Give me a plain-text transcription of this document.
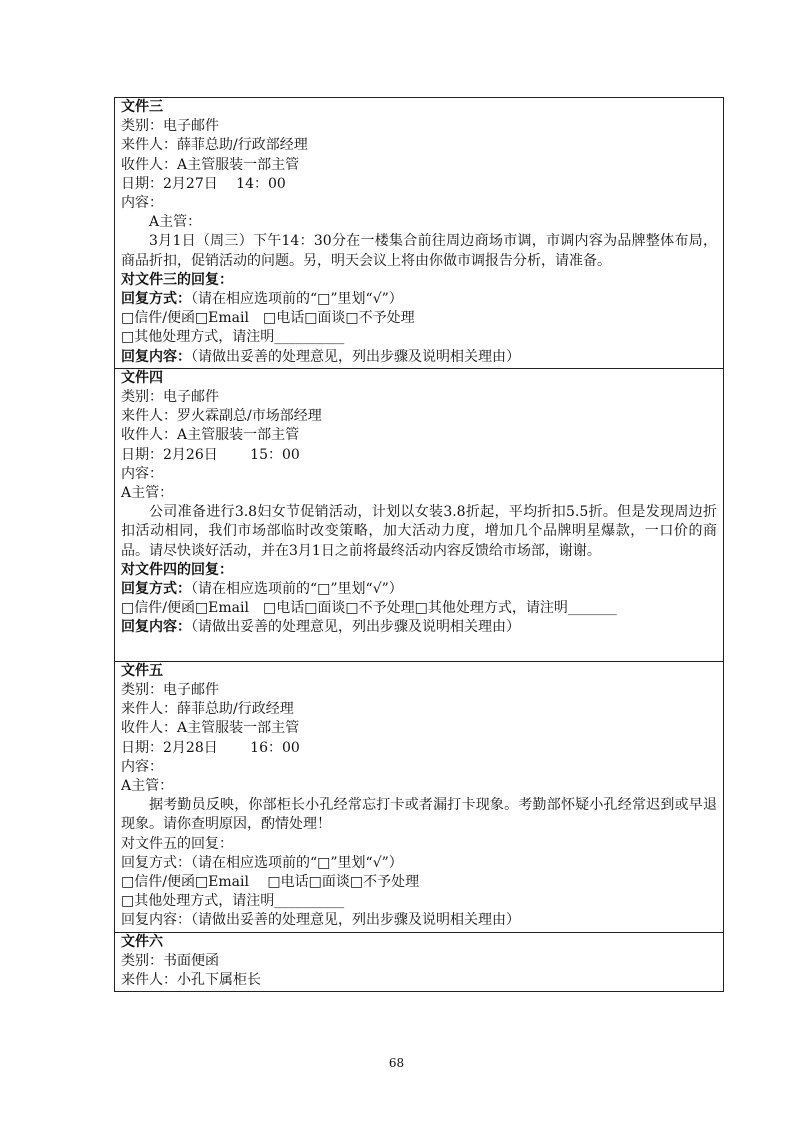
文件三
类别：电子邮件
来件人：薛菲总助/行政部经理
收件人：A主管服装一部主管
日期：2月27日　 14：00
内容：
A主管：
3月1日（周三）下午14：30分在一楼集合前往周边商场市调，市调内容为品牌整体布局，商品折扣，促销活动的问题。另，明天会议上将由你做市调报告分析，请准备。
对文件三的回复：
回复方式：（请在相应选项前的“□”里划“√”）
□信件/便函□Email　□电话□面谈□不予处理
□其他处理方式，请注明__________
回复内容：（请做出妥善的处理意见，列出步骤及说明相关理由）
文件四
类别：电子邮件
来件人：罗火霖副总/市场部经理
收件人：A主管服装一部主管
日期：2月26日　　 15：00
内容：
A主管：
公司准备进行3.8妇女节促销活动，计划以女装3.8折起，平均折扣5.5折。但是发现周边折扣活动相同，我们市场部临时改变策略，加大活动力度，增加几个品牌明星爆款，一口价的商品。请尽快谈好活动，并在3月1日之前将最终活动内容反馈给市场部，谢谢。
对文件四的回复：
回复方式：（请在相应选项前的“□”里划“√”）
□信件/便函□Email　□电话□面谈□不予处理□其他处理方式，请注明_______
回复内容：（请做出妥善的处理意见，列出步骤及说明相关理由）
文件五
类别：电子邮件
来件人：薛菲总助/行政经理
收件人：A主管服装一部主管
日期：2月28日　　 16：00
内容：
A主管：
据考勤员反映，你部柜长小孔经常忘打卡或者漏打卡现象。考勤部怀疑小孔经常迟到或早退现象。请你查明原因，酌情处理！
对文件五的回复：
回复方式：（请在相应选项前的“□”里划“√”）
□信件/便函□Email　 □电话□面谈□不予处理
□其他处理方式，请注明__________
回复内容：（请做出妥善的处理意见，列出步骤及说明相关理由）
文件六
类别：书面便函
来件人：小孔下属柜长
68
